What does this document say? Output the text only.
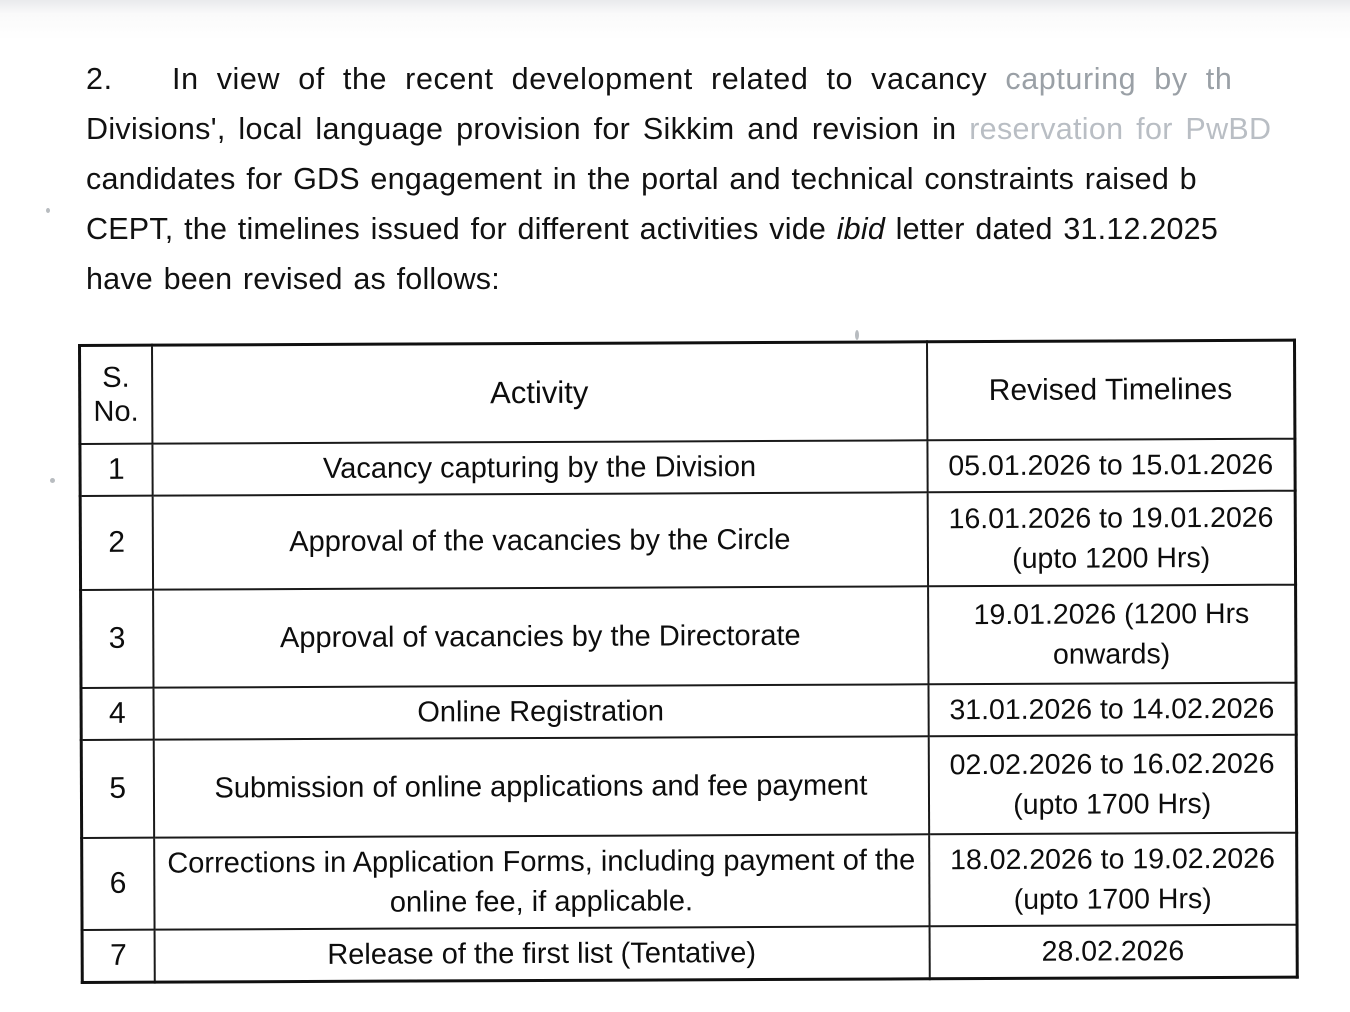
2. In view of the recent development related to vacancy capturing by th
Divisions', local language provision for Sikkim and revision in reservation for PwBD
candidates for GDS engagement in the portal and technical constraints raised b
CEPT, the timelines issued for different activities vide ibid letter dated 31.12.2025
have been revised as follows:
S.
No.	Activity	Revised Timelines
1	Vacancy capturing by the Division	05.01.2026 to 15.01.2026

2	Approval of the vacancies by the Circle	16.01.2026 to 19.01.2026
(upto 1200 Hrs)

3	Approval of vacancies by the Directorate	19.01.2026 (1200 Hrs
onwards)

4	Online Registration	31.01.2026 to 14.02.2026

5	Submission of online applications and fee payment	02.02.2026 to 16.02.2026
(upto 1700 Hrs)

6	Corrections in Application Forms, including payment of the online fee, if applicable.	18.02.2026 to 19.02.2026
(upto 1700 Hrs)

7	Release of the first list (Tentative)	28.02.2026
